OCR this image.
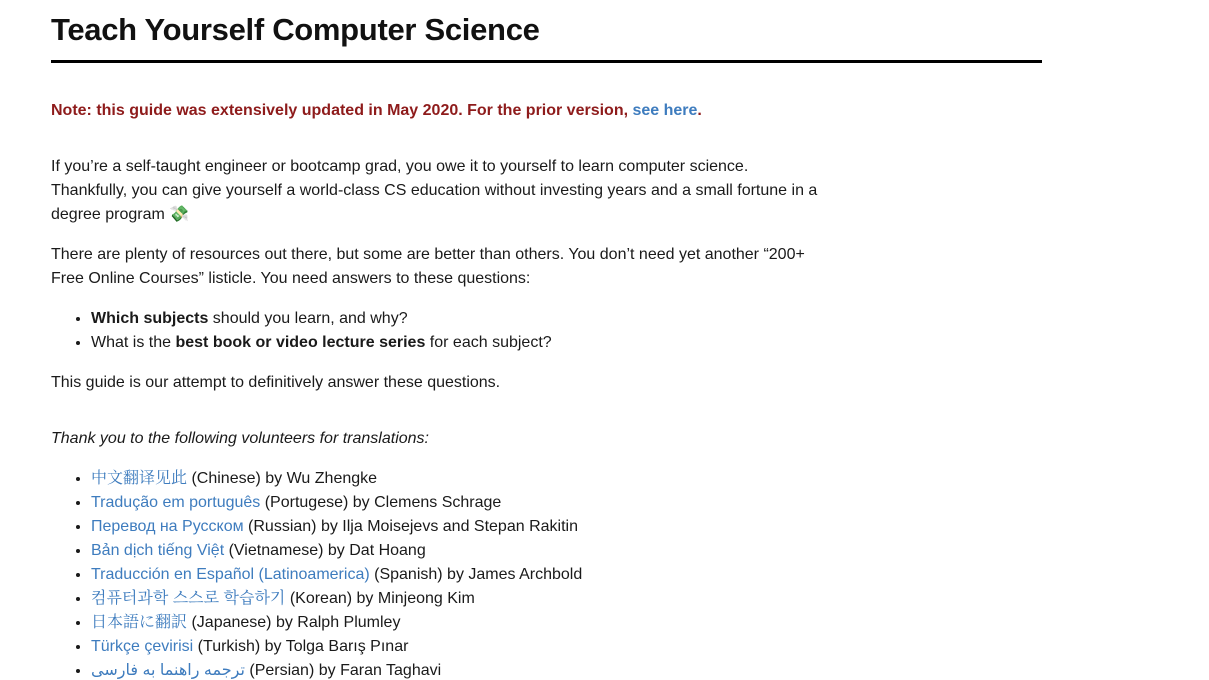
Teach Yourself Computer Science

Note: this guide was extensively updated in May 2020. For the prior version, see here.

If you’re a self-taught engineer or bootcamp grad, you owe it to yourself to learn computer science. Thankfully, you can give yourself a world-class CS education without investing years and a small fortune in a degree program 💸

There are plenty of resources out there, but some are better than others. You don’t need yet another “200+ Free Online Courses” listicle. You need answers to these questions:

• Which subjects should you learn, and why?
• What is the best book or video lecture series for each subject?

This guide is our attempt to definitively answer these questions.

Thank you to the following volunteers for translations:

• 中文翻译见此 (Chinese) by Wu Zhengke
• Tradução em português (Portugese) by Clemens Schrage
• Перевод на Русском (Russian) by Ilja Moisejevs and Stepan Rakitin
• Bản dịch tiếng Việt (Vietnamese) by Dat Hoang
• Traducción en Español (Latinoamerica) (Spanish) by James Archbold
• 컴퓨터과학 스스로 학습하기 (Korean) by Minjeong Kim
• 日本語に翻訳 (Japanese) by Ralph Plumley
• Türkçe çevirisi (Turkish) by Tolga Barış Pınar
• ترجمه راهنما به فارسی (Persian) by Faran Taghavi
